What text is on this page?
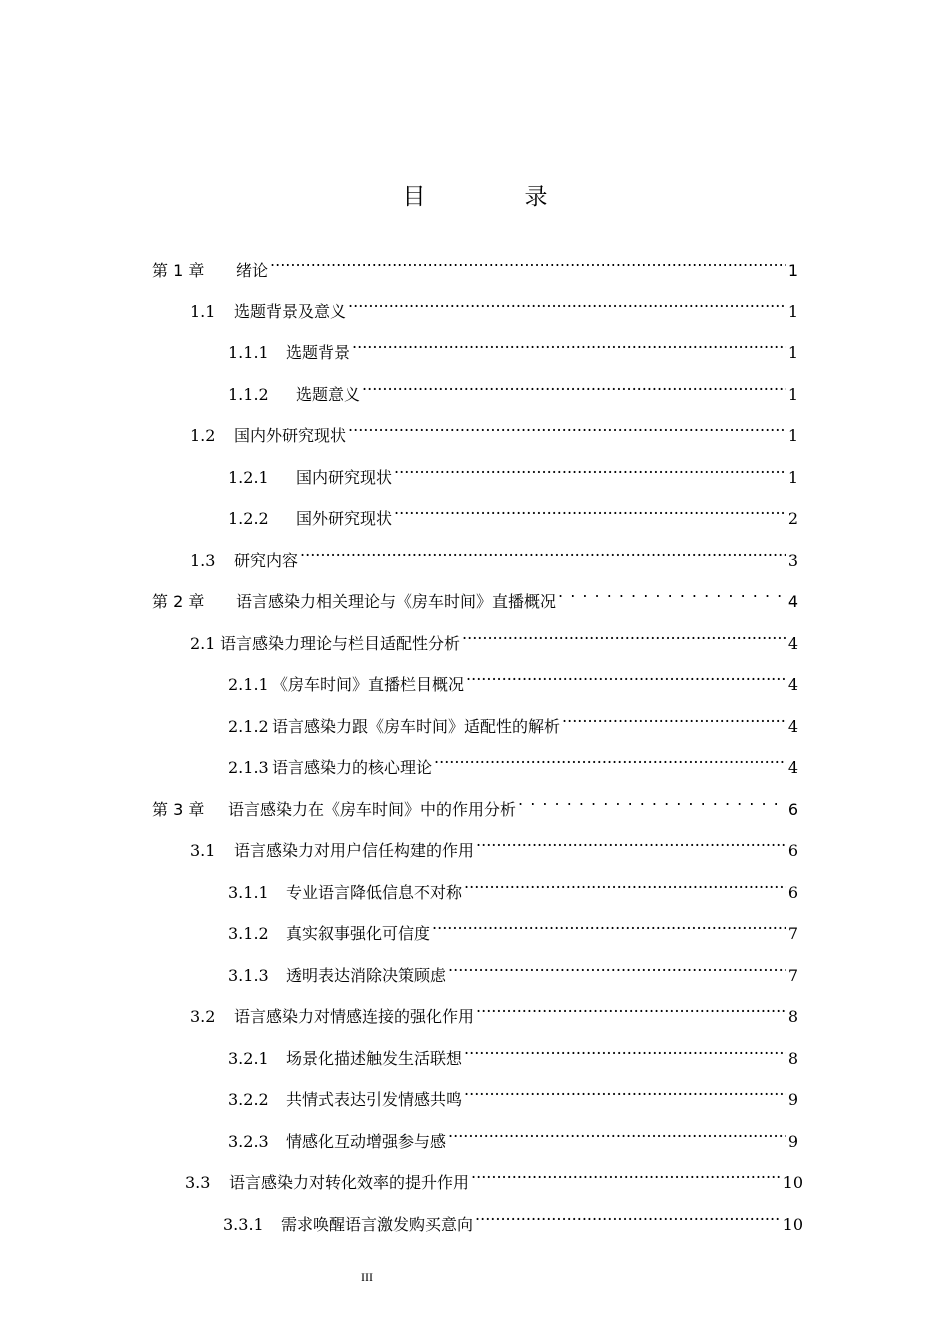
目　录
第 1 章	绪论 .....	1
1.1	选题背景及意义 .....	1
1.1.1	选题背景 .....	1
1.1.2	选题意义 .....	1
1.2	国内外研究现状 .....	1
1.2.1	国内研究现状 .....	1
1.2.2	国外研究现状 .....	2
1.3	研究内容 .....	3
第 2 章	语言感染力相关理论与《房车时间》直播概况 . . .	4
2.1 语言感染力理论与栏目适配性分析 .....	4
2.1.1 《房车时间》直播栏目概况 .....	4
2.1.2 语言感染力跟《房车时间》适配性的解析 .....	4
2.1.3 语言感染力的核心理论 .....	4
第 3 章	语言感染力在《房车时间》中的作用分析 . . .	6
3.1	语言感染力对用户信任构建的作用 .....	6
3.1.1	专业语言降低信息不对称 .....	6
3.1.2	真实叙事强化可信度 .....	7
3.1.3	透明表达消除决策顾虑 .....	7
3.2	语言感染力对情感连接的强化作用 .....	8
3.2.1	场景化描述触发生活联想 .....	8
3.2.2	共情式表达引发情感共鸣 .....	9
3.2.3	情感化互动增强参与感 .....	9
3.3	语言感染力对转化效率的提升作用 .....	10
3.3.1	需求唤醒语言激发购买意向 .....	10
III
